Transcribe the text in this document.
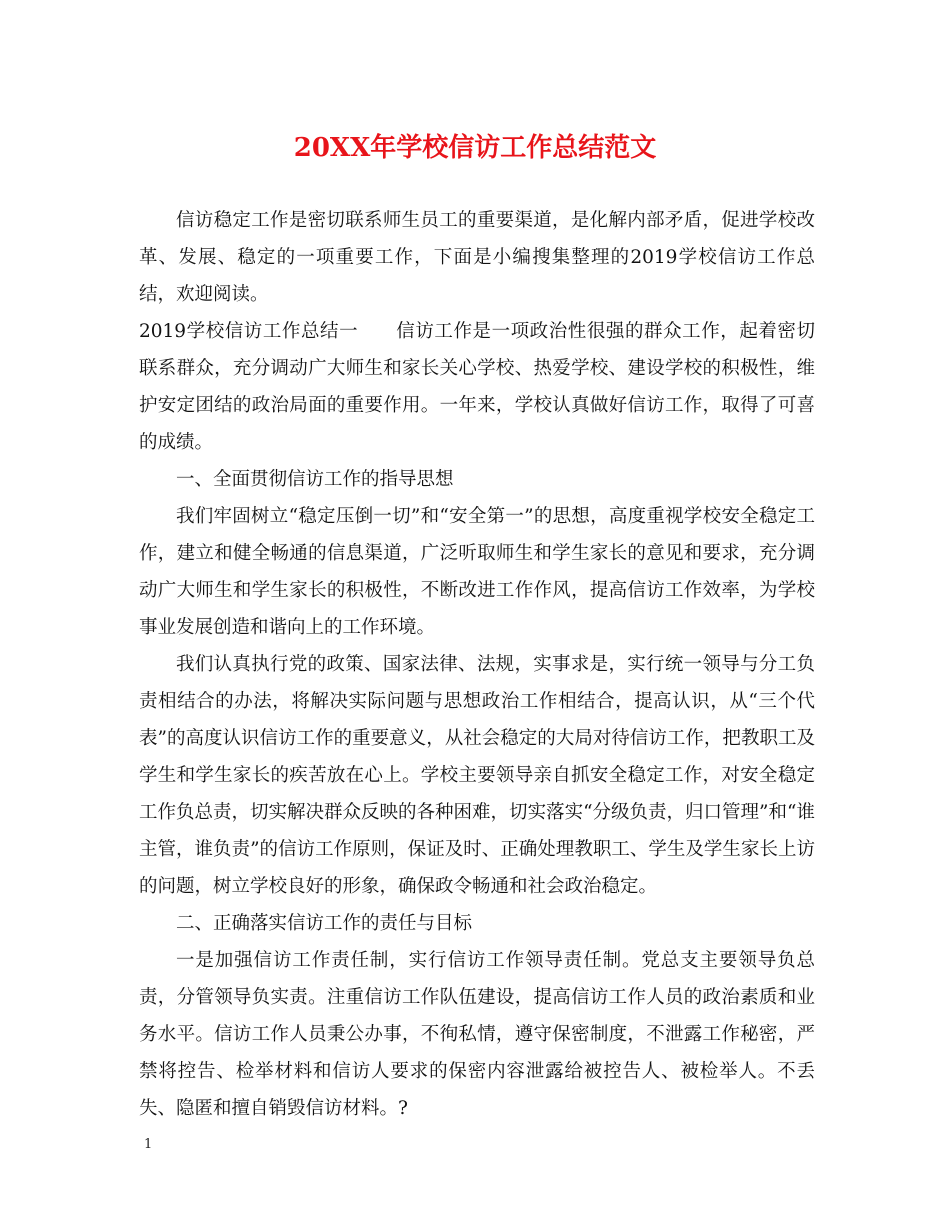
20XX年学校信访工作总结范文

信访稳定工作是密切联系师生员工的重要渠道，是化解内部矛盾，促进学校改革、发展、稳定的一项重要工作，下面是小编搜集整理的2019学校信访工作总结，欢迎阅读。

2019学校信访工作总结一　　信访工作是一项政治性很强的群众工作，起着密切联系群众，充分调动广大师生和家长关心学校、热爱学校、建设学校的积极性，维护安定团结的政治局面的重要作用。一年来，学校认真做好信访工作，取得了可喜的成绩。

一、全面贯彻信访工作的指导思想

我们牢固树立“稳定压倒一切”和“安全第一”的思想，高度重视学校安全稳定工作，建立和健全畅通的信息渠道，广泛听取师生和学生家长的意见和要求，充分调动广大师生和学生家长的积极性，不断改进工作作风，提高信访工作效率，为学校事业发展创造和谐向上的工作环境。

我们认真执行党的政策、国家法律、法规，实事求是，实行统一领导与分工负责相结合的办法，将解决实际问题与思想政治工作相结合，提高认识，从“三个代表”的高度认识信访工作的重要意义，从社会稳定的大局对待信访工作，把教职工及学生和学生家长的疾苦放在心上。学校主要领导亲自抓安全稳定工作，对安全稳定工作负总责，切实解决群众反映的各种困难，切实落实“分级负责，归口管理”和“谁主管，谁负责”的信访工作原则，保证及时、正确处理教职工、学生及学生家长上访的问题，树立学校良好的形象，确保政令畅通和社会政治稳定。

二、正确落实信访工作的责任与目标

一是加强信访工作责任制，实行信访工作领导责任制。党总支主要领导负总责，分管领导负实责。注重信访工作队伍建设，提高信访工作人员的政治素质和业务水平。信访工作人员秉公办事，不徇私情，遵守保密制度，不泄露工作秘密，严禁将控告、检举材料和信访人要求的保密内容泄露给被控告人、被检举人。不丢失、隐匿和擅自销毁信访材料。?

1
